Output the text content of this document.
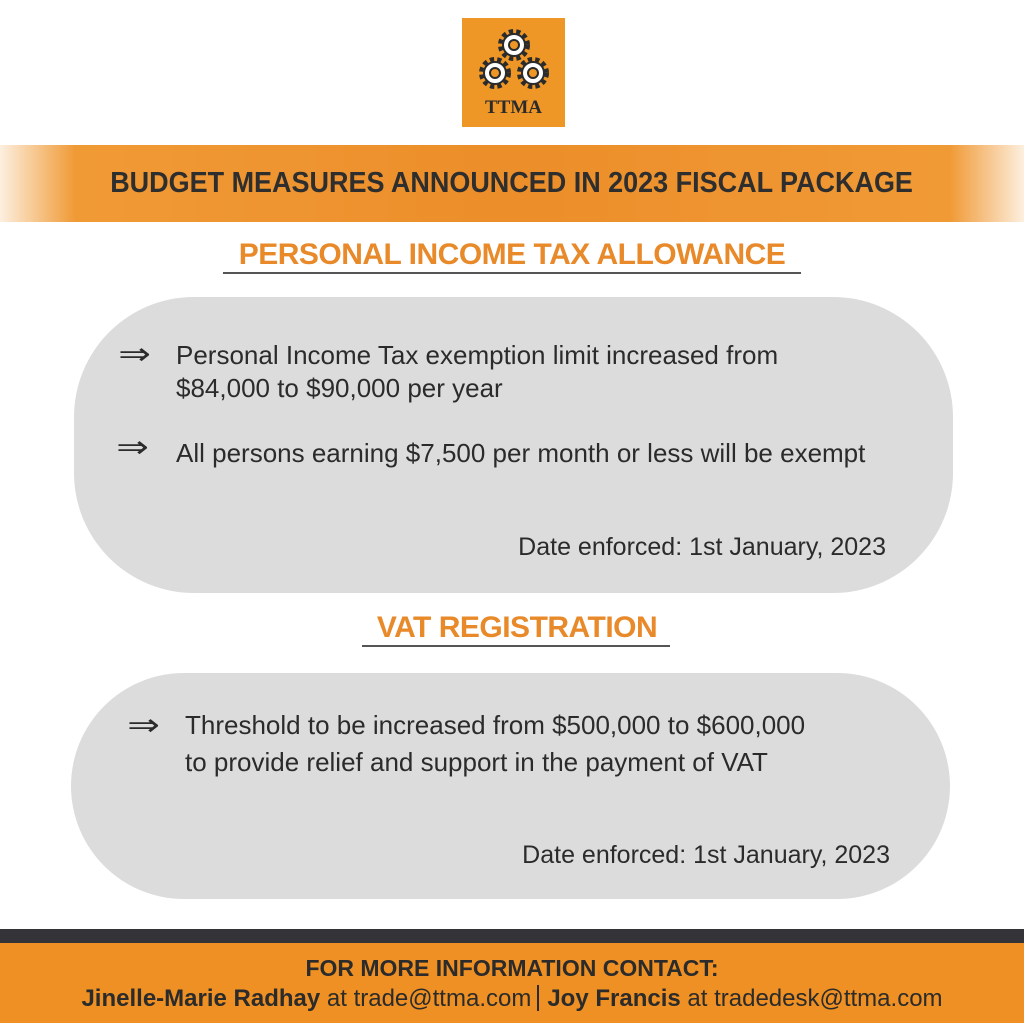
TTMA
BUDGET MEASURES ANNOUNCED IN 2023 FISCAL PACKAGE
PERSONAL INCOME TAX ALLOWANCE
⇒ Personal Income Tax exemption limit increased from
$84,000 to $90,000 per year
⇒ All persons earning $7,500 per month or less will be exempt
Date enforced: 1st January, 2023
VAT REGISTRATION
⇒ Threshold to be increased from $500,000 to $600,000
to provide relief and support in the payment of VAT
Date enforced: 1st January, 2023
FOR MORE INFORMATION CONTACT:
Jinelle-Marie Radhay at trade@ttma.com Joy Francis at tradedesk@ttma.com
